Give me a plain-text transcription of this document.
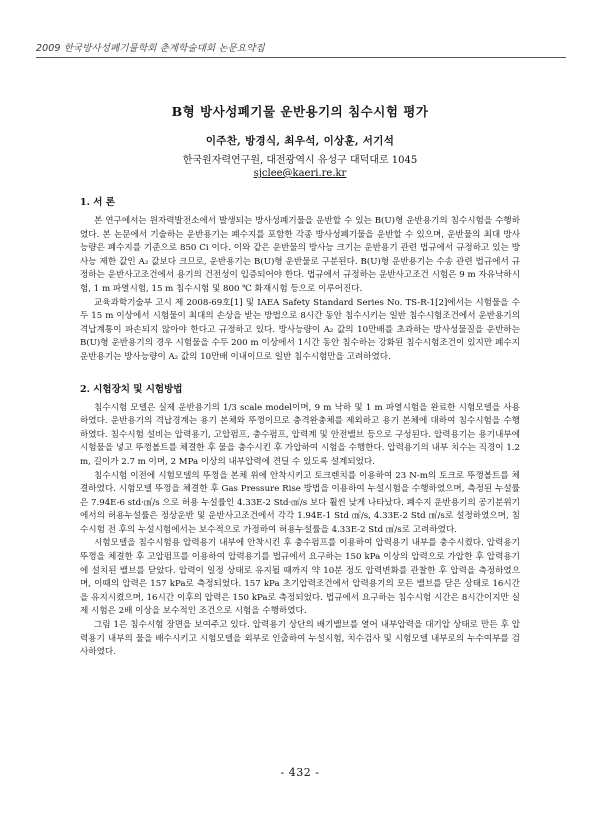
2009 한국방사성폐기물학회 춘계학술대회 논문요약집
B형 방사성폐기물 운반용기의 침수시험 평가
이주찬, 방경식, 최우석, 이상훈, 서기석
한국원자력연구원, 대전광역시 유성구 대덕대로 1045
sjclee@kaeri.re.kr
1. 서 론

본 연구에서는 원자력발전소에서 발생되는 방사성폐기물을 운반할 수 있는 B(U)형 운반용기의 침수시험을 수행하였다. 본 논문에서 기술하는 운반용기는 폐수지를 포함한 각종 방사성폐기물을 운반할 수 있으며, 운반물의 최대 방사능량은 폐수지를 기준으로 850 Ci 이다. 이와 같은 운반물의 방사능 크기는 운반용기 관련 법규에서 규정하고 있는 방사능 제한 값인 A₂ 값보다 크므로, 운반용기는 B(U)형 운반물로 구분된다. B(U)형 운반용기는 수송 관련 법규에서 규정하는 운반사고조건에서 용기의 건전성이 입증되어야 한다. 법규에서 규정하는 운반사고조건 시험은 9 m 자유낙하시험, 1 m 파열시험, 15 m 침수시험 및 800 ℃ 화재시험 등으로 이루어진다.

교육과학기술부 고시 제 2008-69호[1] 및 IAEA Safety Standard Series No. TS-R-1[2]에서는 시험물을 수두 15 m 이상에서 시험물이 최대의 손상을 받는 방법으로 8시간 동안 침수시키는 일반 침수시험조건에서 운반용기의 격납계통이 파손되지 않아야 한다고 규정하고 있다. 방사능량이 A₂ 값의 10만배를 초과하는 방사성물질을 운반하는 B(U)형 운반용기의 경우 시험물을 수두 200 m 이상에서 1시간 동안 침수하는 강화된 침수시험조건이 있지만 폐수지 운반용기는 방사능량이 A₂ 값의 10만배 이내이므로 일반 침수시험만을 고려하였다.

2. 시험장치 및 시험방법

침수시험 모델은 실제 운반용기의 1/3 scale model이며, 9 m 낙하 및 1 m 파열시험을 완료한 시험모델을 사용하였다. 운반용기의 격납경계는 용기 본체와 뚜껑이므로 충격완충체를 제외하고 용기 본체에 대하여 침수시험을 수행하였다. 침수시험 설비는 압력용기, 고압펌프, 충수펌프, 압력계 및 안전밸브 등으로 구성된다. 압력용기는 용기내부에 시험물을 넣고 뚜껑볼트를 체결한 후 물을 충수시킨 후 가압하여 시험을 수행한다. 압력용기의 내부 치수는 직경이 1.2 m, 길이가 2.7 m 이며, 2 MPa 이상의 내부압력에 견딜 수 있도록 설계되었다.

침수시험 이전에 시험모델의 뚜껑을 본체 위에 안착시키고 토크렌치를 이용하여 23 N-m의 토크로 뚜껑볼트를 체결하였다. 시험모델 뚜껑을 체결한 후 Gas Pressure Rise 방법을 이용하여 누설시험을 수행하였으며, 측정된 누설률은 7.94E-6 std·㎤/s 으로 허용 누설률인 4.33E-2 Std·㎤/s 보다 훨씬 낮게 나타났다. 폐수지 운반용기의 공기분위기에서의 허용누설률은 정상운반 및 운반사고조건에서 각각 1.94E-1 Std ㎤/s, 4.33E-2 Std ㎤/s로 설정하였으며, 침수시험 전 후의 누설시험에서는 보수적으로 가정하여 허용누설률을 4.33E-2 Std ㎤/s로 고려하였다.

시험모델을 침수시험용 압력용기 내부에 안착시킨 후 충수펌프를 이용하여 압력용기 내부를 충수시켰다. 압력용기 뚜껑을 체결한 후 고압펌프를 이용하여 압력용기를 법규에서 요구하는 150 kPa 이상의 압력으로 가압한 후 압력용기에 설치된 밸브를 닫았다. 압력이 일정 상태로 유지될 때까지 약 10분 정도 압력변화를 관찰한 후 압력을 측정하였으며, 이때의 압력은 157 kPa로 측정되었다. 157 kPa 초기압력조건에서 압력용기의 모든 밸브를 닫은 상태로 16시간을 유지시켰으며, 16시간 이후의 압력은 150 kPa로 측정되었다. 법규에서 요구하는 침수시험 시간은 8시간이지만 실제 시험은 2배 이상을 보수적인 조건으로 시험을 수행하였다.

그림 1은 침수시험 장면을 보여주고 있다. 압력용기 상단의 배기밸브를 열어 내부압력을 대기압 상태로 만든 후 압력용기 내부의 물을 배수시키고 시험모델을 외부로 인출하여 누설시험, 치수검사 및 시험모델 내부로의 누수여부를 검사하였다.

- 432 -
